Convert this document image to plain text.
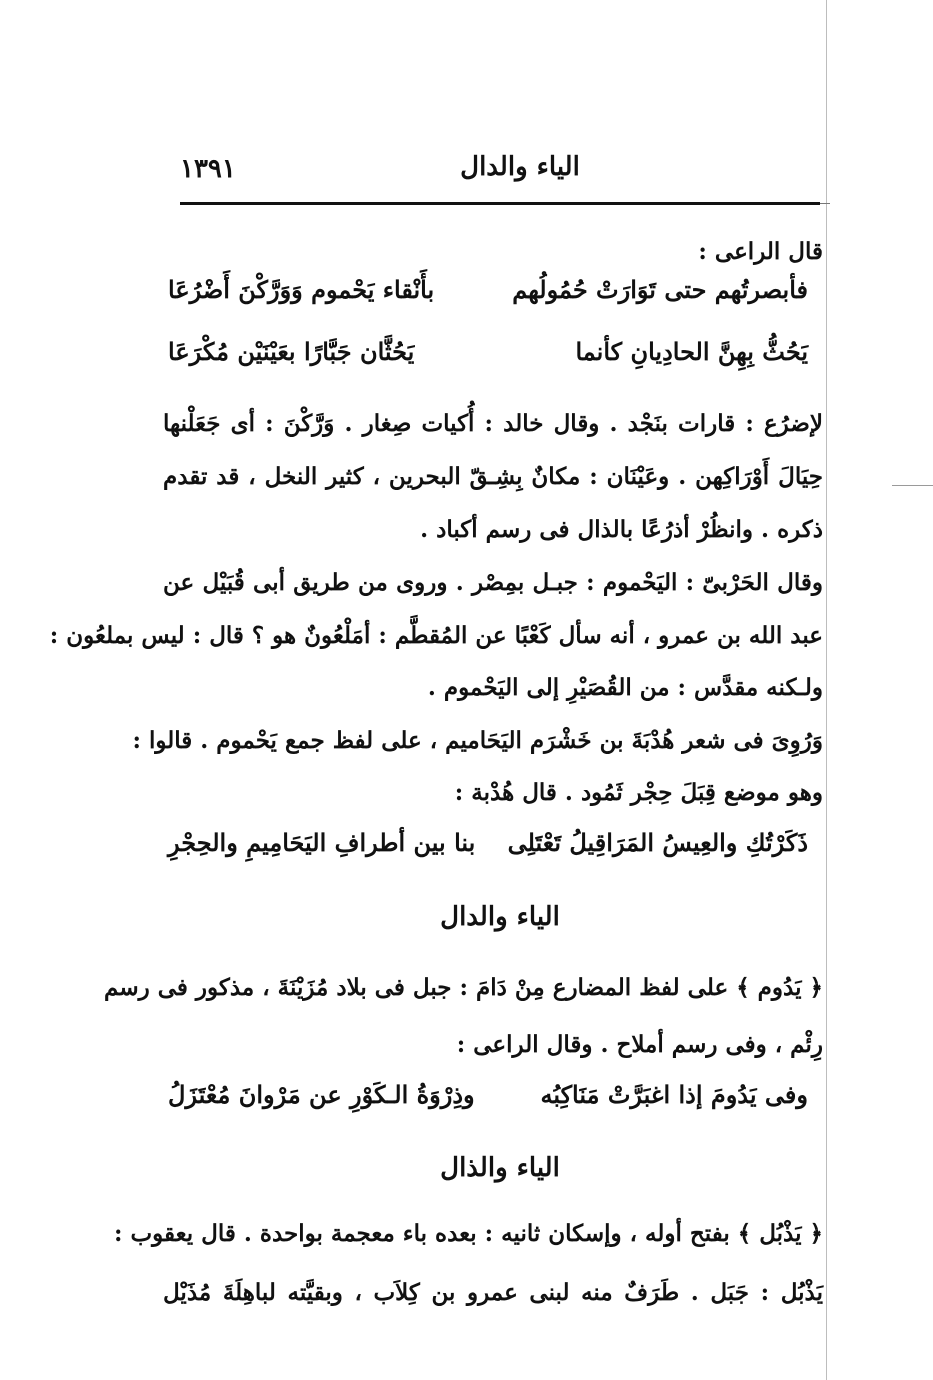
١٣٩١	الياء والدال
قال الراعى :
فأبصرتُهم حتى تَوَارَتْ حُمُولُهم
بأَنْقاء يَحْموم وَوَرَّكْنَ أَضْرُعَا
يَحُثُّ بِهِنَّ الحادِيانِ كأنما
يَحُثَّان جَبَّارًا بعَيْنَيْن مُكْرَعَا
لإضرُع : قارات بنَجْد . وقال خالد : أُكيات صِغار . وَرَّكْنَ : أى جَعَلْنها
حِيَالَ أَوْرَاكِهن . وعَيْنَان : مكانٌ بِشِـقّ البحرين ، كثير النخل ، قد تقدم
ذكره . وانظُرْ أذرُعًا بالذال فى رسم أكباد .
وقال الحَرْبىّ : اليَحْموم : جبـل بمِصْر . وروى من طريق أبى قُبَيْل عن
عبد الله بن عمرو ، أنه سأل كَعْبًا عن المُقطَّم : أمَلْعُونٌ هو ؟ قال : ليس بملعُون :
ولـكنه مقدَّس : من القُصَيْرِ إلى اليَحْموم .
وَرُوِىَ فى شعر هُدْبَةَ بن خَشْرَم اليَحَاميم ، على لفظ جمع يَحْموم . قالوا :
وهو موضع قِبَلَ حِجْر ثَمُود . قال هُدْبة :
ذَكَرْتُكِ والعِيسُ المَرَاقِيلُ تَعْتَلِى
بنا بين أطرافِ اليَحَامِيمِ والحِجْرِ
الياء والدال
﴿ يَدُوم ﴾ على لفظ المضارع مِنْ دَامَ : جبل فى بلاد مُزَيْنَةَ ، مذكور فى رسم
رِئْم ، وفى رسم أملاح . وقال الراعى :
وفى يَدُومَ إذا اغبَرَّتْ مَنَاكِبُه
وذِرْوَةُ الـكَوْرِ عن مَرْوانَ مُعْتَزَلُ
الياء والذال
﴿ يَذْبُل ﴾ بفتح أوله ، وإسكان ثانيه : بعده باء معجمة بواحدة . قال يعقوب :
يَذْبُل : جَبَل . طَرَفٌ منه لبنى عمرو بن كِلاَب ، وبقيَّته لباهِلَةَ مُذَيْل
